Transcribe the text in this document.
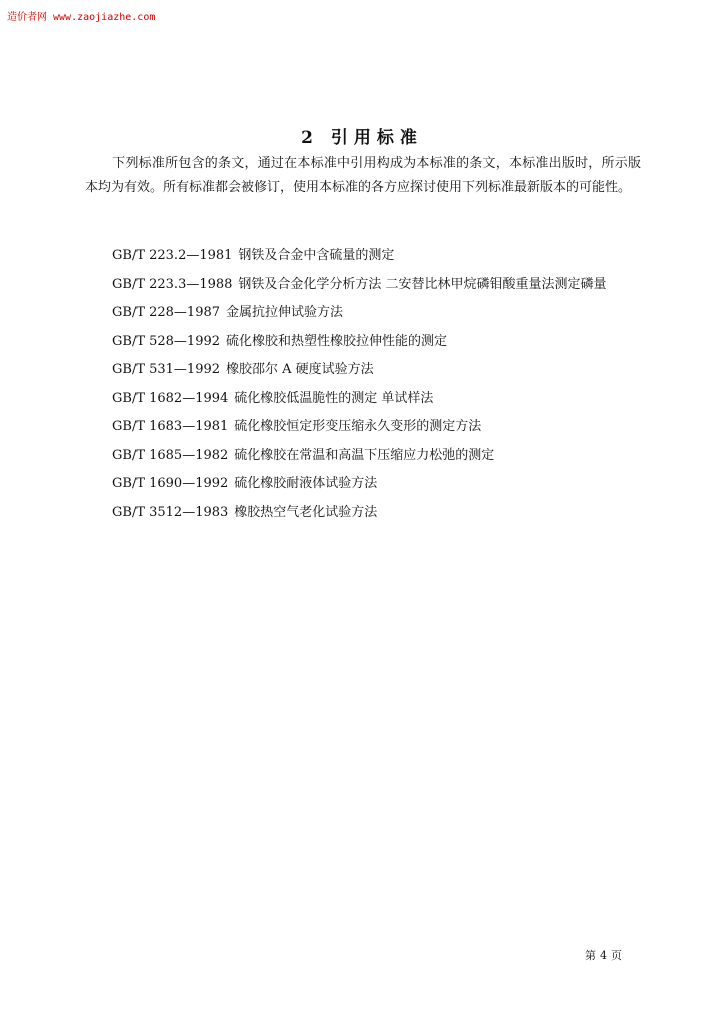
造价者网 www.zaojiazhe.com
2 引用标准
下列标准所包含的条文，通过在本标准中引用构成为本标准的条文，本标准出版时，所示版本均为有效。所有标准都会被修订，使用本标准的各方应探讨使用下列标准最新版本的可能性。
GB/T 223.2—1981 钢铁及合金中含硫量的测定
GB/T 223.3—1988 钢铁及合金化学分析方法 二安替比林甲烷磷钼酸重量法测定磷量
GB/T 228—1987 金属抗拉伸试验方法
GB/T 528—1992 硫化橡胶和热塑性橡胶拉伸性能的测定
GB/T 531—1992 橡胶邵尔 A 硬度试验方法
GB/T 1682—1994 硫化橡胶低温脆性的测定 单试样法
GB/T 1683—1981 硫化橡胶恒定形变压缩永久变形的测定方法
GB/T 1685—1982 硫化橡胶在常温和高温下压缩应力松弛的测定
GB/T 1690—1992 硫化橡胶耐液体试验方法
GB/T 3512—1983 橡胶热空气老化试验方法
第 4 页
